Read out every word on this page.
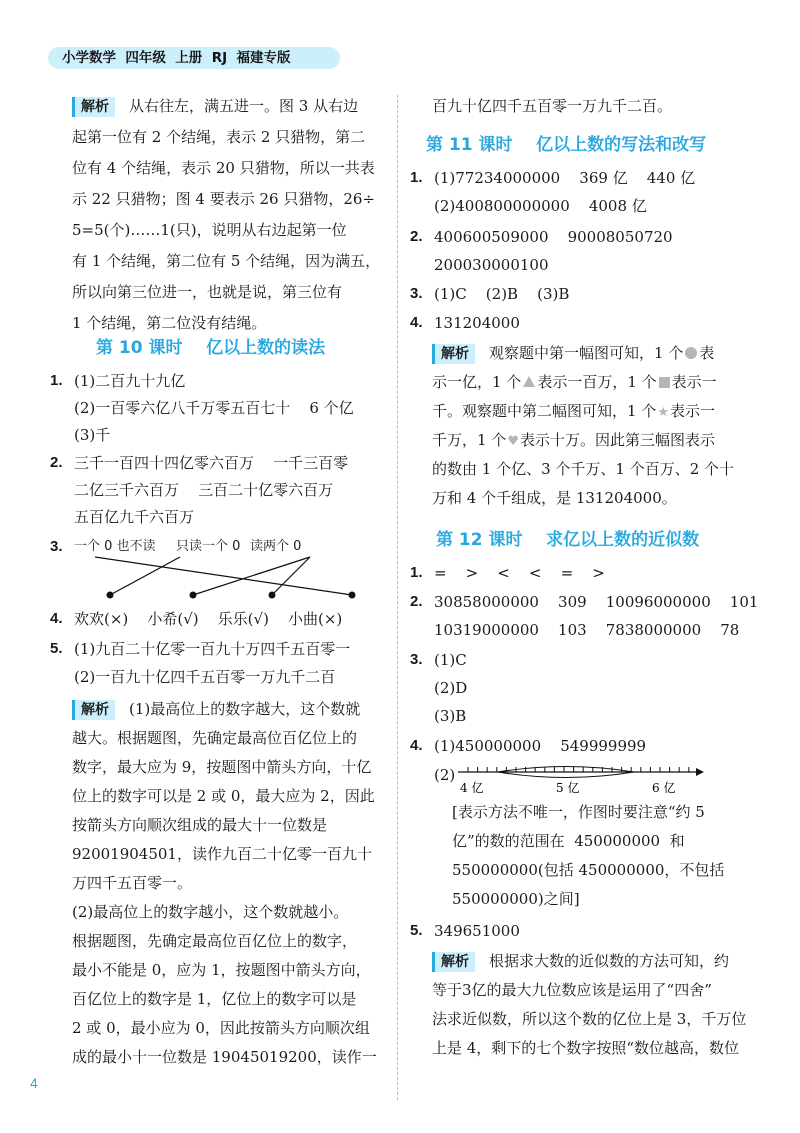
小学数学  四年级  上册  RJ  福建专版
4
解析 从右往左，满五进一。图 3 从右边
起第一位有 2 个结绳，表示 2 只猎物，第二
位有 4 个结绳，表示 20 只猎物，所以一共表
示 22 只猎物；图 4 要表示 26 只猎物，26÷
5=5(个)……1(只)，说明从右边起第一位
有 1 个结绳，第二位有 5 个结绳，因为满五，
所以向第三位进一，也就是说，第三位有
1 个结绳，第二位没有结绳。
第 10 课时    亿以上数的读法
1. (1)二百九十九亿
(2)一百零六亿八千万零五百七十    6 个亿
(3)千
2. 三千一百四十四亿零六百万    一千三百零
二亿三千六百万    三百二十亿零六百万
五百亿九千六百万
3. 一个 0 也不读 只读一个 0 读两个 0
4. 欢欢(×)    小希(√)    乐乐(√)    小曲(×)
5. (1)九百二十亿零一百九十万四千五百零一
(2)一百九十亿四千五百零一万九千二百
解析 (1)最高位上的数字越大，这个数就
越大。根据题图，先确定最高位百亿位上的
数字，最大应为 9，按题图中箭头方向，十亿
位上的数字可以是 2 或 0，最大应为 2，因此
按箭头方向顺次组成的最大十一位数是
92001904501，读作九百二十亿零一百九十
万四千五百零一。
(2)最高位上的数字越小，这个数就越小。
根据题图，先确定最高位百亿位上的数字，
最小不能是 0，应为 1，按题图中箭头方向，
百亿位上的数字是 1，亿位上的数字可以是
2 或 0，最小应为 0，因此按箭头方向顺次组
成的最小十一位数是 19045019200，读作一
百九十亿四千五百零一万九千二百。
第 11 课时    亿以上数的写法和改写
1. (1)77234000000    369 亿    440 亿
(2)400800000000    4008 亿
2. 400600509000    90008050720
200030000100
3. (1)C    (2)B    (3)B
4. 131204000
解析 观察题中第一幅图可知，1 个 表
示一亿，1 个 表示一百万，1 个 表示一
千。观察题中第二幅图可知，1 个★表示一
千万，1 个♥表示十万。因此第三幅图表示
的数由 1 个亿、3 个千万、1 个百万、2 个十
万和 4 个千组成，是 131204000。
第 12 课时    求亿以上数的近似数
1. =    >    <    <    =    >
2. 30858000000    309    10096000000    101
10319000000    103    7838000000    78
3. (1)C
(2)D
(3)B
4. (1)450000000    549999999
(2)
4 亿	5 亿	6 亿
[表示方法不唯一，作图时要注意“约 5
亿”的数的范围在  450000000  和
550000000(包括 450000000，不包括
550000000)之间]
5. 349651000
解析 根据求大数的近似数的方法可知，约
等于3亿的最大九位数应该是运用了“四舍”
法求近似数，所以这个数的亿位上是 3，千万位
上是 4，剩下的七个数字按照“数位越高，数位
